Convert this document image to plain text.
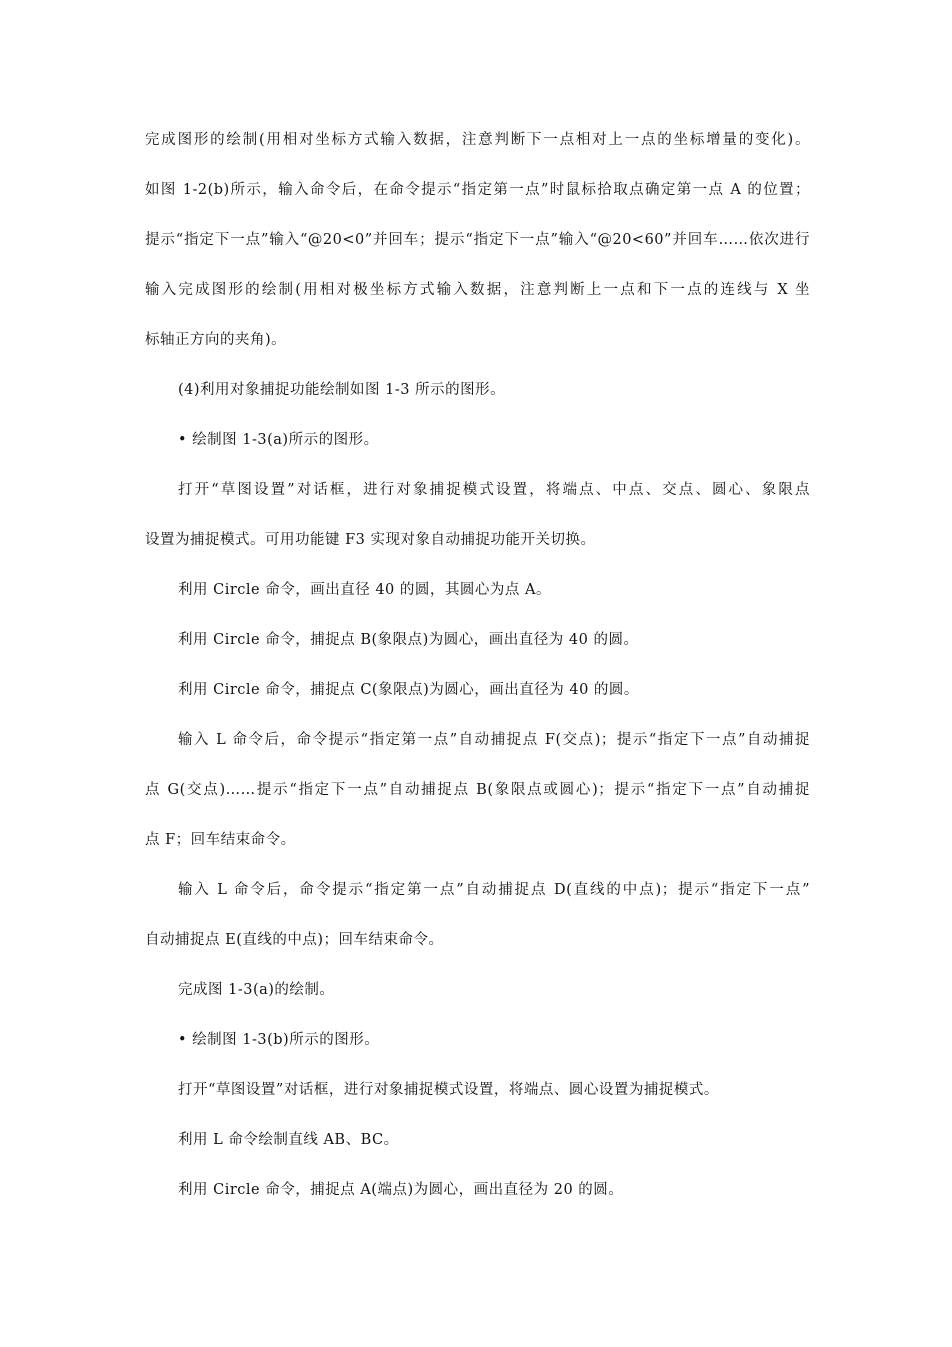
完成图形的绘制(用相对坐标方式输入数据，注意判断下一点相对上一点的坐标增量的变化)。
如图 1-2(b)所示，输入命令后，在命令提示“指定第一点”时鼠标拾取点确定第一点 A 的位置；
提示“指定下一点”输入“@20<0”并回车；提示“指定下一点”输入“@20<60”并回车……依次进行
输入完成图形的绘制(用相对极坐标方式输入数据，注意判断上一点和下一点的连线与 X 坐
标轴正方向的夹角)。
(4)利用对象捕捉功能绘制如图 1-3 所示的图形。
• 绘制图 1-3(a)所示的图形。
打开“草图设置”对话框，进行对象捕捉模式设置，将端点、中点、交点、圆心、象限点
设置为捕捉模式。可用功能键 F3 实现对象自动捕捉功能开关切换。
利用 Circle 命令，画出直径 40 的圆，其圆心为点 A。
利用 Circle 命令，捕捉点 B(象限点)为圆心，画出直径为 40 的圆。
利用 Circle 命令，捕捉点 C(象限点)为圆心，画出直径为 40 的圆。
输入 L 命令后，命令提示“指定第一点”自动捕捉点 F(交点)；提示“指定下一点”自动捕捉
点 G(交点)……提示“指定下一点”自动捕捉点 B(象限点或圆心)；提示“指定下一点”自动捕捉
点 F；回车结束命令。
输入 L 命令后，命令提示“指定第一点”自动捕捉点 D(直线的中点)；提示“指定下一点”
自动捕捉点 E(直线的中点)；回车结束命令。
完成图 1-3(a)的绘制。
• 绘制图 1-3(b)所示的图形。
打开“草图设置”对话框，进行对象捕捉模式设置，将端点、圆心设置为捕捉模式。
利用 L 命令绘制直线 AB、BC。
利用 Circle 命令，捕捉点 A(端点)为圆心，画出直径为 20 的圆。
